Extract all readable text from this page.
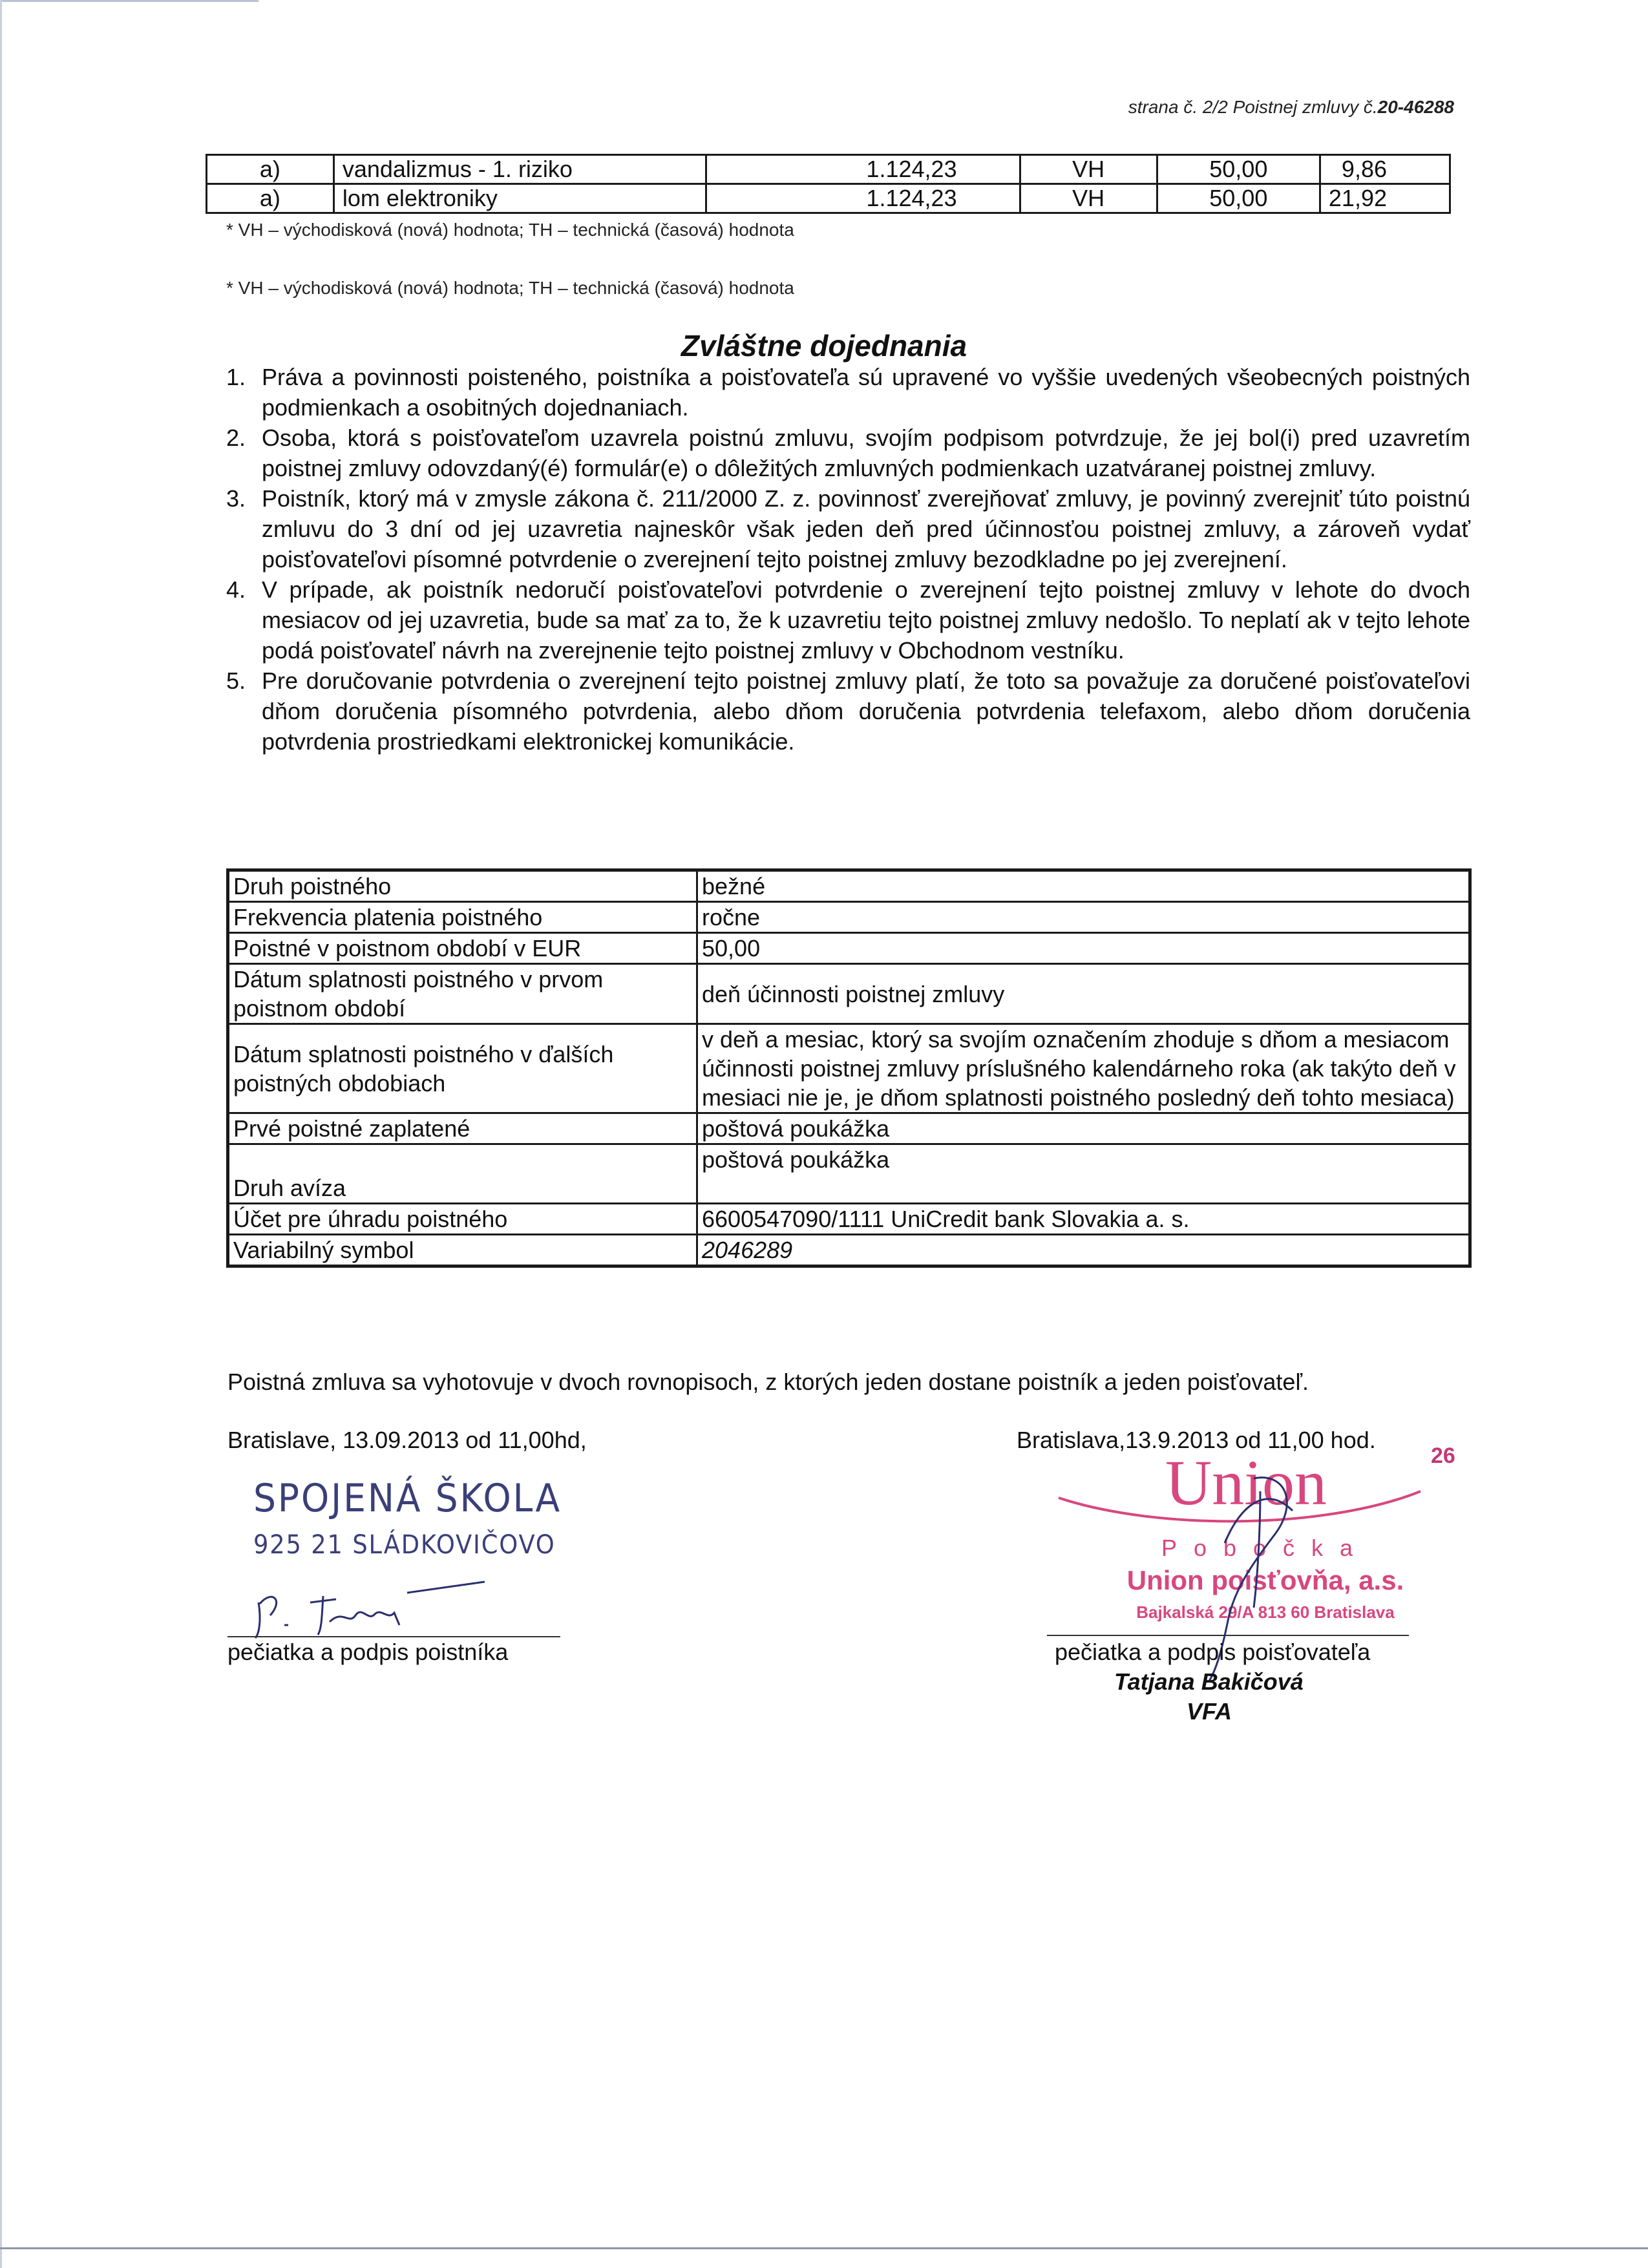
strana č. 2/2 Poistnej zmluvy č.20-46288
a)	vandalizmus - 1. riziko	1.124,23	VH	50,00	9,86
a)	lom elektroniky	1.124,23	VH	50,00	21,92
* VH – východisková (nová) hodnota; TH – technická (časová) hodnota
* VH – východisková (nová) hodnota; TH – technická (časová) hodnota
Zvláštne dojednania
1. Práva a povinnosti poisteného, poistníka a poisťovateľa sú upravené vo vyššie uvedených všeobecných poistných podmienkach a osobitných dojednaniach.
2. Osoba, ktorá s poisťovateľom uzavrela poistnú zmluvu, svojím podpisom potvrdzuje, že jej bol(i) pred uzavretím poistnej zmluvy odovzdaný(é) formulár(e) o dôležitých zmluvných podmienkach uzatváranej poistnej zmluvy.
3. Poistník, ktorý má v zmysle zákona č. 211/2000 Z. z. povinnosť zverejňovať zmluvy, je povinný zverejniť túto poistnú zmluvu do 3 dní od jej uzavretia najneskôr však jeden deň pred účinnosťou poistnej zmluvy, a zároveň vydať poisťovateľovi písomné potvrdenie o zverejnení tejto poistnej zmluvy bezodkladne po jej zverejnení.
4. V prípade, ak poistník nedoručí poisťovateľovi potvrdenie o zverejnení tejto poistnej zmluvy v lehote do dvoch mesiacov od jej uzavretia, bude sa mať za to, že k uzavretiu tejto poistnej zmluvy nedošlo. To neplatí ak v tejto lehote podá poisťovateľ návrh na zverejnenie tejto poistnej zmluvy v Obchodnom vestníku.
5. Pre doručovanie potvrdenia o zverejnení tejto poistnej zmluvy platí, že toto sa považuje za doručené poisťovateľovi dňom doručenia písomného potvrdenia, alebo dňom doručenia potvrdenia telefaxom, alebo dňom doručenia potvrdenia prostriedkami elektronickej komunikácie.
Druh poistného	bežné
Frekvencia platenia poistného	ročne
Poistné v poistnom období v EUR	50,00
Dátum splatnosti poistného v prvom poistnom období	deň účinnosti poistnej zmluvy
Dátum splatnosti poistného v ďalších poistných obdobiach	v deň a mesiac, ktorý sa svojím označením zhoduje s dňom a mesiacom účinnosti poistnej zmluvy príslušného kalendárneho roka (ak takýto deň v mesiaci nie je, je dňom splatnosti poistného posledný deň tohto mesiaca)
Prvé poistné zaplatené	poštová poukážka
Druh avíza	poštová poukážka
Účet pre úhradu poistného	6600547090/1111 UniCredit bank Slovakia a. s.
Variabilný symbol	2046289
Poistná zmluva sa vyhotovuje v dvoch rovnopisoch, z ktorých jeden dostane poistník a jeden poisťovateľ.
Bratislave, 13.09.2013 od 11,00hd,	Bratislava,13.9.2013 od 11,00 hod.
26
SPOJENÁ ŠKOLA
925 21 SLÁDKOVIČOVO
pečiatka a podpis poistníka
Union
Pobočka
Union poisťovňa, a.s.
Bajkalská 29/A 813 60 Bratislava
pečiatka a podpis poisťovateľa
Tatjana Bakičová
VFA
